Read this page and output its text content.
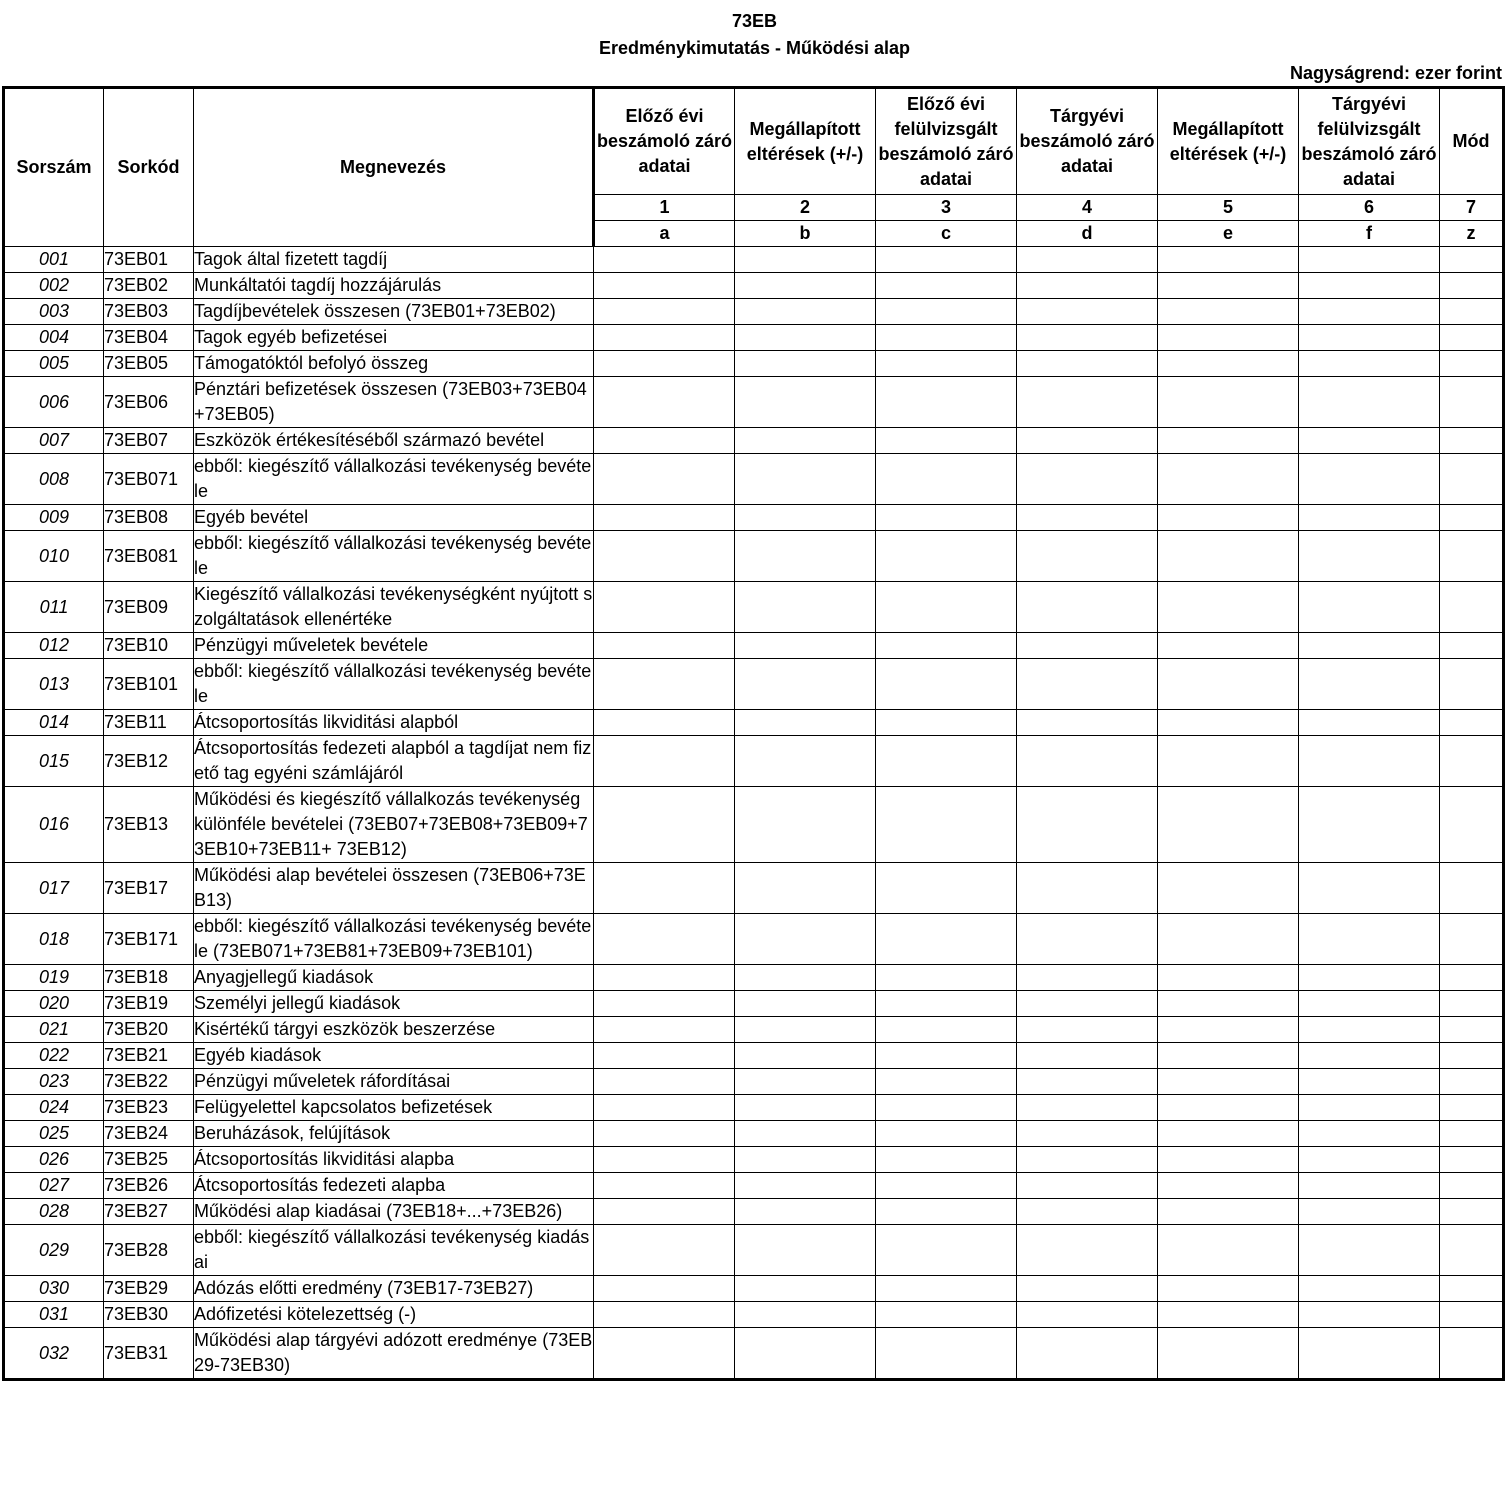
73EB
Eredménykimutatás - Működési alap
Nagyságrend: ezer forint
Sorszám	Sorkód	Megnevezés	Előző évi beszámoló záró adatai	Megállapított eltérések (+/-)	Előző évi felülvizsgált beszámoló záró adatai	Tárgyévi beszámoló záró adatai	Megállapított eltérések (+/-)	Tárgyévi felülvizsgált beszámoló záró adatai	Mód
			1	2	3	4	5	6	7
			a	b	c	d	e	f	z
001	73EB01	Tagok által fizetett tagdíj							
002	73EB02	Munkáltatói tagdíj hozzájárulás							
003	73EB03	Tagdíjbevételek összesen (73EB01+73EB02)							
004	73EB04	Tagok egyéb befizetései							
005	73EB05	Támogatóktól befolyó összeg							
006	73EB06	Pénztári befizetések összesen (73EB03+73EB04+73EB05)							
007	73EB07	Eszközök értékesítéséből származó bevétel							
008	73EB071	ebből: kiegészítő vállalkozási tevékenység bevétele							
009	73EB08	Egyéb bevétel							
010	73EB081	ebből: kiegészítő vállalkozási tevékenység bevétele							
011	73EB09	Kiegészítő vállalkozási tevékenységként nyújtott szolgáltatások ellenértéke							
012	73EB10	Pénzügyi műveletek bevétele							
013	73EB101	ebből: kiegészítő vállalkozási tevékenység bevétele							
014	73EB11	Átcsoportosítás likviditási alapból							
015	73EB12	Átcsoportosítás fedezeti alapból a tagdíjat nem fizető tag egyéni számlájáról							
016	73EB13	Működési és kiegészítő vállalkozás tevékenység különféle bevételei (73EB07+73EB08+73EB09+73EB10+73EB11+ 73EB12)							
017	73EB17	Működési alap bevételei összesen (73EB06+73EB13)							
018	73EB171	ebből: kiegészítő vállalkozási tevékenység bevétele (73EB071+73EB81+73EB09+73EB101)							
019	73EB18	Anyagjellegű kiadások							
020	73EB19	Személyi jellegű kiadások							
021	73EB20	Kisértékű tárgyi eszközök beszerzése							
022	73EB21	Egyéb kiadások							
023	73EB22	Pénzügyi műveletek ráfordításai							
024	73EB23	Felügyelettel kapcsolatos befizetések							
025	73EB24	Beruházások, felújítások							
026	73EB25	Átcsoportosítás likviditási alapba							
027	73EB26	Átcsoportosítás fedezeti alapba							
028	73EB27	Működési alap kiadásai (73EB18+...+73EB26)							
029	73EB28	ebből: kiegészítő vállalkozási tevékenység kiadásai							
030	73EB29	Adózás előtti eredmény (73EB17-73EB27)							
031	73EB30	Adófizetési kötelezettség (-)							
032	73EB31	Működési alap tárgyévi adózott eredménye (73EB29-73EB30)							
